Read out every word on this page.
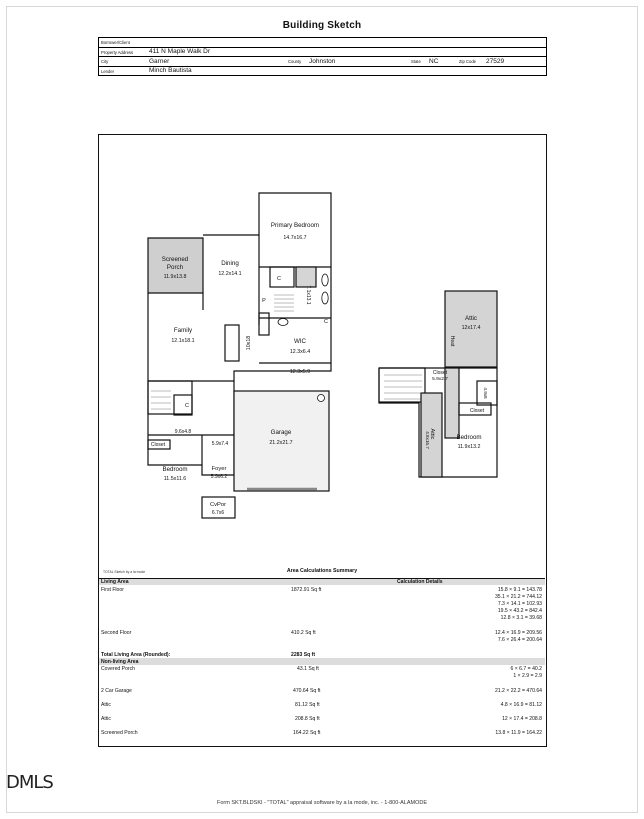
Building Sketch
Borrower/Client
Property Address 411 N Maple Walk Dr
City	Garner	County Johnston	State NC	Zip Code 27529
Lender	Minch Bautista
Screened
Porch
11.9x13.8
Dining
12.2x14.1
Primary Bedroom
14.7x16.7
Family
12.1x18.1	10x18
7.1x13.1
WIC
12.3x6.4
12.3x5.9
P
C
C
C
9.6x4.8
Closet	5.9x7.4
Garage
21.2x21.7
Bedroom
11.5x11.6
Foyer
5.9x6.2
CvPor
6.7x6
Attic
12x17.4
Heat
Closet
5.9x2.7
4.9x8
Closet
Attic
4.8x16.7	Bedroom
11.9x13.2
TOTAL Sketch by a la mode	Area Calculations Summary
Living Area	Calculation Details
First Floor	1872.91 Sq ft	15.8 × 9.1 = 143.78
35.1 × 21.2 = 744.12
7.3 × 14.1 = 102.93
19.5 × 43.2 = 842.4
12.8 × 3.1 = 39.68
Second Floor	410.2 Sq ft	12.4 × 16.9 = 209.56
7.6 × 26.4 = 200.64
Total Living Area (Rounded):	2283 Sq ft
Non-living Area
Covered Porch	43.1 Sq ft	6 × 6.7 = 40.2
1 × 2.9 = 2.9
2 Car Garage	470.64 Sq ft	21.2 × 22.2 = 470.64
Attic	81.12 Sq ft	4.8 × 16.9 = 81.12
Attic	208.8 Sq ft	12 × 17.4 = 208.8
Screened Porch	164.22 Sq ft	13.8 × 11.9 = 164.22
DMLS
Form SKT.BLDSKI - "TOTAL" appraisal software by a la mode, inc. - 1-800-ALAMODE
